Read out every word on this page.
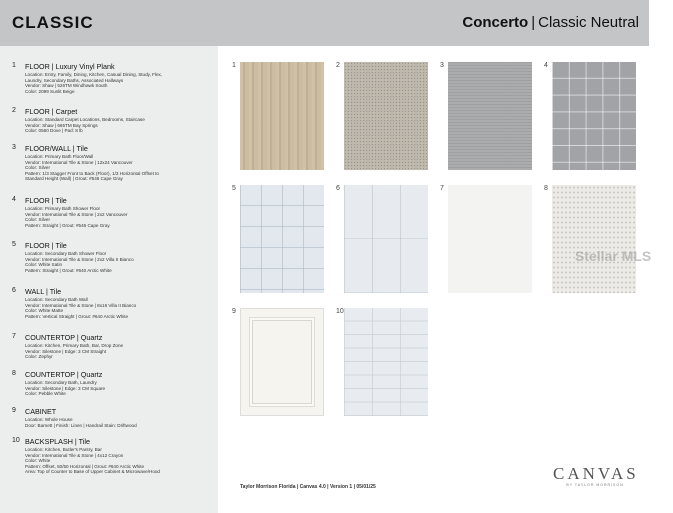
CLASSIC	Concerto | Classic Neutral
1 FLOOR | Luxury Vinyl Plank
Location: Entry, Family, Dining, Kitchen, Casual Dining, Study, Flex,
Laundry, Secondary Baths, Associated Hallways
Vendor: Shaw | 526TM Windhawk South
Color: 2099 Sunlit Beige
2 FLOOR | Carpet
Location: Standard Carpet Locations, Bedrooms, Staircase
Vendor: Shaw | 665TM Bay Springs
Color: 0560 Dove | Pad: 8 lb
3 FLOOR/WALL | Tile
Location: Primary Bath Floor/Wall
Vendor: International Tile & Stone | 12x24 Vancouver
Color: Silver
Pattern: 1/3 Stagger Front to Back (Floor), 1/3 Horizontal Offset to
Standard Height (Wall) | Grout: #546 Cape Gray
4 FLOOR | Tile
Location: Primary Bath Shower Floor
Vendor: International Tile & Stone | 2x2 Vancouver
Color: Silver
Pattern: Straight | Grout: #546 Cape Gray
5 FLOOR | Tile
Location: Secondary Bath Shower Floor
Vendor: International Tile & Stone | 2x2 Villa II Bianco
Color: White Satin
Pattern: Straight | Grout: #640 Arctic White
6 WALL | Tile
Location: Secondary Bath Wall
Vendor: International Tile & Stone | 8x16 Villa II Bianco
Color: White Matte
Pattern: Vertical Straight | Grout: #640 Arctic White
7 COUNTERTOP | Quartz
Location: Kitchen, Primary Bath, Bar, Drop Zone
Vendor: Silestone | Edge: 3 CM Straight
Color: Zephyr
8 COUNTERTOP | Quartz
Location: Secondary Bath, Laundry
Vendor: Silestone | Edge: 3 CM Square
Color: Pebble White
9 CABINET
Location: Whole House
Door: Barnett | Finish: Linen | Handrail Stain: Driftwood
10 BACKSPLASH | Tile
Location: Kitchen, Butler's Pantry, Bar
Vendor: International Tile & Stone | 4x12 Crayon
Color: White
Pattern: Offset, 50/50 Horizontal | Grout: #640 Arctic White
Area: Top of Counter to Base of Upper Cabinet & Microwave/Hood
1	2	3	4
5	6	7	8
9	10
Taylor Morrison Florida | Canvas 4.0 | Version 1 | 05/01/25
CANVAS
BY TAYLOR MORRISON
Stellar MLS
